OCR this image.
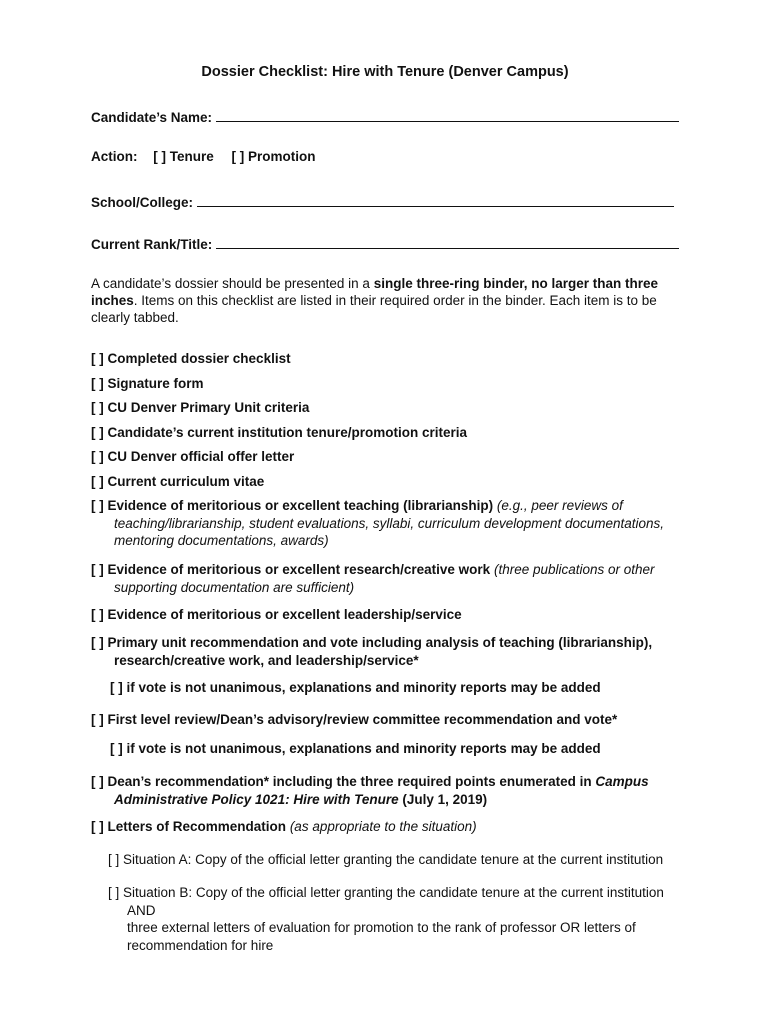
Dossier Checklist: Hire with Tenure (Denver Campus)
Candidate’s Name:
Action: [ ] Tenure [ ] Promotion
School/College:
Current Rank/Title:
A candidate’s dossier should be presented in a single three-ring binder, no larger than three inches. Items on this checklist are listed in their required order in the binder. Each item is to be clearly tabbed.
[ ] Completed dossier checklist
[ ] Signature form
[ ] CU Denver Primary Unit criteria
[ ] Candidate’s current institution tenure/promotion criteria
[ ] CU Denver official offer letter
[ ] Current curriculum vitae
[ ] Evidence of meritorious or excellent teaching (librarianship) (e.g., peer reviews of teaching/librarianship, student evaluations, syllabi, curriculum development documentations, mentoring documentations, awards)
[ ] Evidence of meritorious or excellent research/creative work (three publications or other supporting documentation are sufficient)
[ ] Evidence of meritorious or excellent leadership/service
[ ] Primary unit recommendation and vote including analysis of teaching (librarianship), research/creative work, and leadership/service*
[ ] if vote is not unanimous, explanations and minority reports may be added
[ ] First level review/Dean’s advisory/review committee recommendation and vote*
[ ] if vote is not unanimous, explanations and minority reports may be added
[ ] Dean’s recommendation* including the three required points enumerated in Campus Administrative Policy 1021: Hire with Tenure (July 1, 2019)
[ ] Letters of Recommendation (as appropriate to the situation)
[ ] Situation A: Copy of the official letter granting the candidate tenure at the current institution
[ ] Situation B: Copy of the official letter granting the candidate tenure at the current institution
AND
three external letters of evaluation for promotion to the rank of professor OR letters of recommendation for hire
